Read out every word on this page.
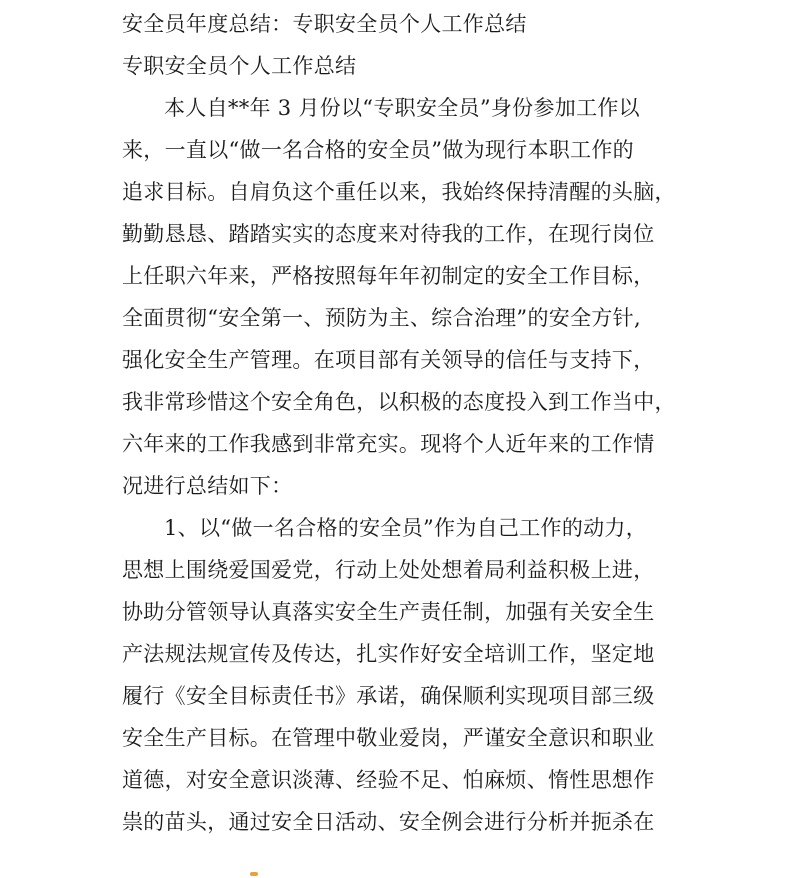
安全员年度总结：专职安全员个人工作总结
专职安全员个人工作总结
本人自**年 3 月份以“专职安全员”身份参加工作以
来，一直以“做一名合格的安全员”做为现行本职工作的
追求目标。自肩负这个重任以来，我始终保持清醒的头脑，
勤勤恳恳、踏踏实实的态度来对待我的工作，在现行岗位
上任职六年来，严格按照每年年初制定的安全工作目标，
全面贯彻“安全第一、预防为主、综合治理”的安全方针,
强化安全生产管理。在项目部有关领导的信任与支持下，
我非常珍惜这个安全角色，以积极的态度投入到工作当中，
六年来的工作我感到非常充实。现将个人近年来的工作情
况进行总结如下：
1、以“做一名合格的安全员”作为自己工作的动力，
思想上围绕爱国爱党，行动上处处想着局利益积极上进，
协助分管领导认真落实安全生产责任制，加强有关安全生
产法规法规宣传及传达，扎实作好安全培训工作，坚定地
履行《安全目标责任书》承诺，确保顺利实现项目部三级
安全生产目标。在管理中敬业爱岗，严谨安全意识和职业
道德，对安全意识淡薄、经验不足、怕麻烦、惰性思想作
祟的苗头，通过安全日活动、安全例会进行分析并扼杀在
